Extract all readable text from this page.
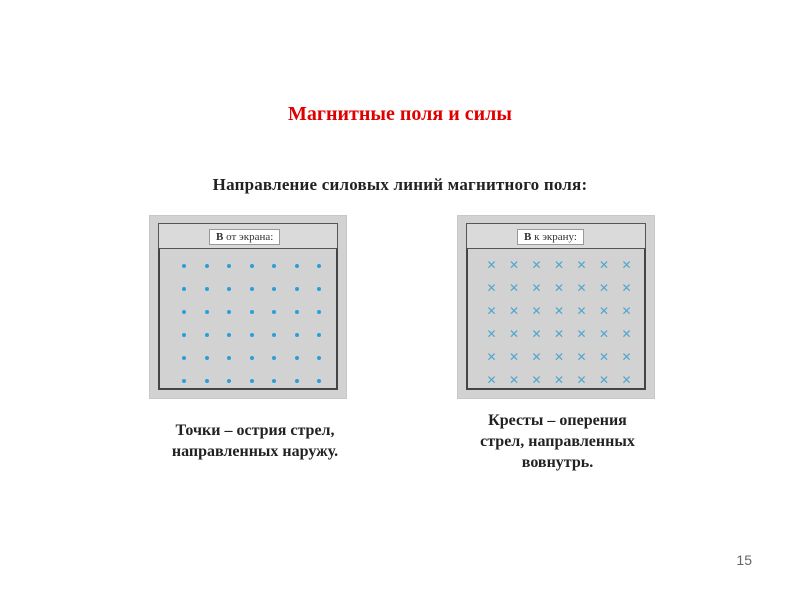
Магнитные поля и силы
Направление силовых линий магнитного поля:
B от экрана:	B к экрану:
✕ ✕ ✕ ✕ ✕ ✕ ✕
✕ ✕ ✕ ✕ ✕ ✕ ✕
✕ ✕ ✕ ✕ ✕ ✕ ✕
✕ ✕ ✕ ✕ ✕ ✕ ✕
✕ ✕ ✕ ✕ ✕ ✕ ✕
✕ ✕ ✕ ✕ ✕ ✕ ✕
Точки – острия стрел,
направленных наружу.
Кресты – оперения
стрел, направленных
вовнутрь.
15
